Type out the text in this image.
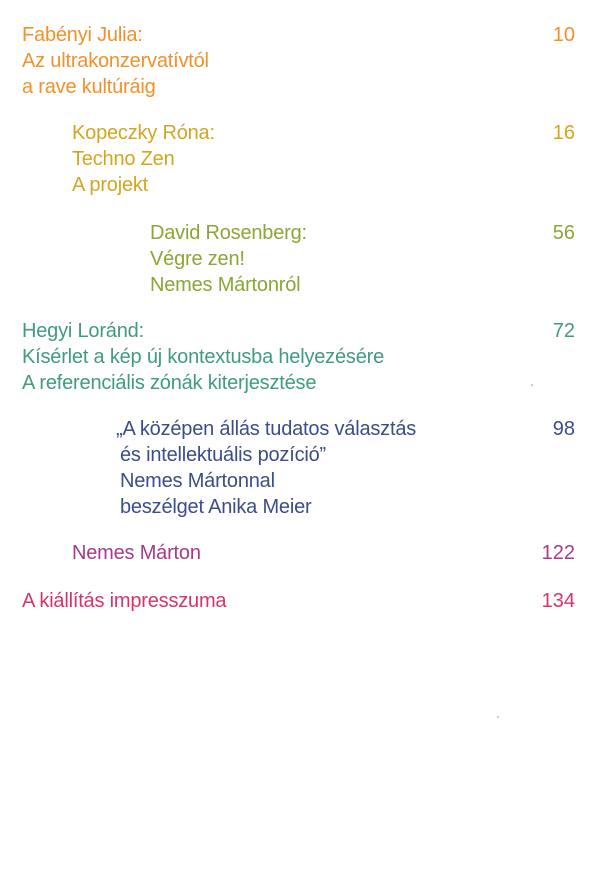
Fabényi Julia:
Az ultrakonzervatívtól
a rave kultúráig
10
Kopeczky Róna:
Techno Zen
A projekt
16
David Rosenberg:
Végre zen!
Nemes Mártonról
56
Hegyi Loránd:
Kísérlet a kép új kontextusba helyezésére
A referenciális zónák kiterjesztése
72
„A középen állás tudatos választás
és intellektuális pozíció”
Nemes Mártonnal
beszélget Anika Meier
98
Nemes Márton	122
A kiállítás impresszuma	134
